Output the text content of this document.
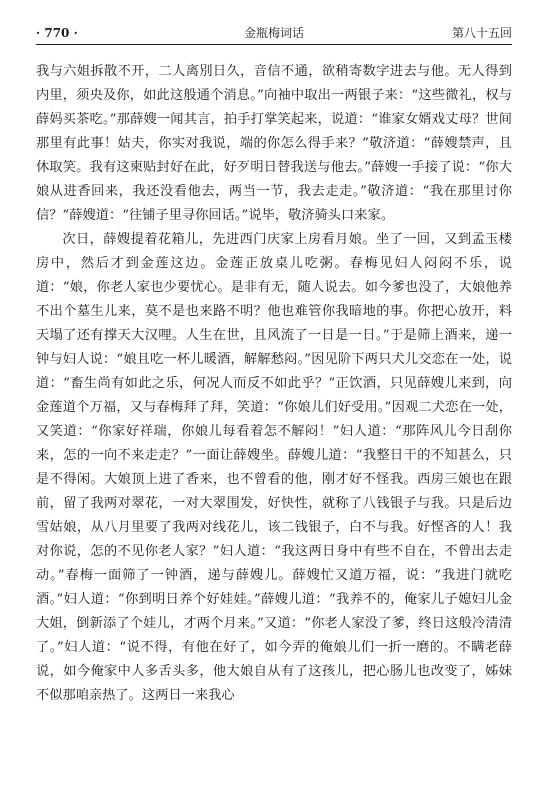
· 770 ·	金瓶梅词话	第八十五回

我与六姐拆散不开，二人离別日久，音信不通，欲稍寄数字进去与他。无人得到内里，须央及你，如此这般通个消息。”向袖中取出一两银子来：“这些微礼，权与薛妈买茶吃。”那薛嫂一闻其言，拍手打掌笑起来，说道：“谁家女婿戏丈母？世间那里有此事！姑夫，你实对我说，端的你怎么得手来？”敬济道：“薛嫂禁声，且休取笑。我有这柬贴封好在此，好歹明日替我送与他去。”薛嫂一手接了说：“你大娘从进香回来，我还没看他去，两当一节，我去走走。”敬济道：“我在那里讨你信？”薛嫂道：“往铺子里寻你回话。”说毕，敬济骑头口来家。

次日，薛嫂提着花箱儿，先进西门庆家上房看月娘。坐了一回，又到孟玉楼房中，然后才到金莲这边。金莲正放桌儿吃粥。春梅见妇人闷闷不乐，说道：“娘，你老人家也少要忧心。是非有无，随人说去。如今爹也没了，大娘他养不出个墓生儿来，莫不是也来路不明？他也难管你我暗地的事。你把心放开，料天塌了还有撑天大汉哩。人生在世，且风流了一日是一日。”于是筛上酒来，递一钟与妇人说：“娘且吃一杯儿暖酒，解解愁闷。”因见阶下两只犬儿交恋在一处，说道：“畜生尚有如此之乐，何况人而反不如此乎？”正饮酒，只见薛嫂儿来到，向金莲道个万福，又与春梅拜了拜，笑道：“你娘儿们好受用。”因观二犬恋在一处，又笑道：“你家好祥瑞，你娘儿每看着怎不解闷！”妇人道：“那阵风儿今日刮你来，怎的一向不来走走？”一面让薛嫂坐。薛嫂儿道：“我整日干的不知甚么，只是不得闲。大娘顶上进了香来，也不曾看的他，刚才好不怪我。西房三娘也在跟前，留了我两对翠花，一对大翠围发，好快性，就称了八钱银子与我。只是后边雪姑娘，从八月里要了我两对线花儿，该二钱银子，白不与我。好悭吝的人！我对你说，怎的不见你老人家？”妇人道：“我这两日身中有些不自在，不曾出去走动。”春梅一面筛了一钟酒，递与薛嫂儿。薛嫂忙又道万福，说：“我进门就吃酒。”妇人道：“你到明日养个好娃娃。”薛嫂儿道：“我养不的，俺家儿子媳妇儿金大姐，倒新添了个娃儿，才两个月来。”又道：“你老人家没了爹，终日这般冷清清了。”妇人道：“说不得，有他在好了，如今弄的俺娘儿们一折一磨的。不瞒老薛说，如今俺家中人多舌头多，他大娘自从有了这孩儿，把心肠儿也改变了，姊妹不似那咱亲热了。这两日一来我心
